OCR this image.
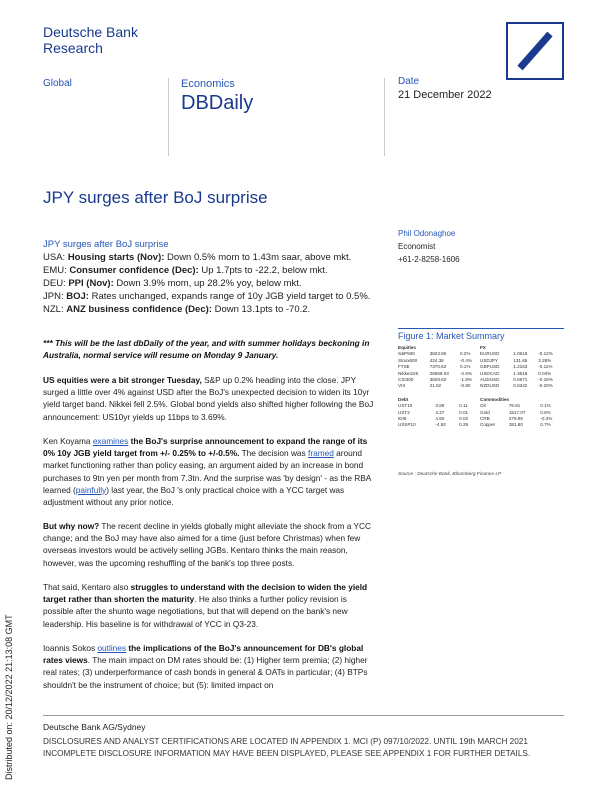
Deutsche Bank
Research
Global	Economics
DBDaily
Date
21 December 2022
JPY surges after BoJ surprise
JPY surges after BoJ surprise
USA: Housing starts (Nov): Down 0.5% mom to 1.43m saar, above mkt.
EMU: Consumer confidence (Dec): Up 1.7pts to -22.2, below mkt.
DEU: PPI (Nov): Down 3.9% mom, up 28.2% yoy, below mkt.
JPN: BOJ: Rates unchanged, expands range of 10y JGB yield target to 0.5%.
NZL: ANZ business confidence (Dec): Down 13.1pts to -70.2.
Phil Odonaghoe
Economist
+61-2-8258-1606
*** This will be the last dbDaily of the year, and with summer holidays beckoning in Australia, normal service will resume on Monday 9 January.
US equities were a bit stronger Tuesday, S&P up 0.2% heading into the close. JPY surged a little over 4% against USD after the BoJ's unexpected decision to widen its 10yr yield target band. Nikkei fell 2.5%. Global bond yields also shifted higher following the BoJ announcement: US10yr yields up 11bps to 3.69%.
Ken Koyama examines the BoJ's surprise announcement to expand the range of its 0% 10y JGB yield target from +/- 0.25% to +/-0.5%. The decision was framed around market functioning rather than policy easing, an argument aided by an increase in bond purchases to 9tn yen per month from 7.3tn. And the surprise was 'by design' - as the RBA learned (painfully) last year, the BoJ 's only practical choice with a YCC target was adjustment without any prior notice.
But why now? The recent decline in yields globally might alleviate the shock from a YCC change; and the BoJ may have also aimed for a time (just before Christmas) when few overseas investors would be actively selling JGBs. Kentaro thinks the main reason, however, was the upcoming reshuffling of the bank's top three posts.
That said, Kentaro also struggles to understand with the decision to widen the yield target rather than shorten the maturity. He also thinks a further policy revision is possible after the shunto wage negotiations, but that will depend on the bank's new leadership. His baseline is for withdrawal of YCC in Q3-23.
Ioannis Sokos outlines the implications of the BoJ's announcement for DB's global rates views. The main impact on DM rates should be: (1) Higher term premia; (2) higher real rates; (3) underperformance of cash bonds in general & OATs in particular; (4) BTPs shouldn't be the instrument of choice; but (5): limited impact on
Figure 1: Market Summary
Equities		
S&P500	3823.85	0.2%
Stoxx600	424.38	-0.4%
FTSE	7370.62	0.1%
Nikkei225	26568.03	-2.5%
CSI300	3829.82	-1.8%
VIX	21.62	-0.80
FX		
EURUSD	1.0616	-0.12%
USDJPY	131.65	3.28%
GBPUSD	1.2163	-0.11%
USDCAD	1.3618	0.04%
AUDUSD	0.6671	-0.16%
NZDUSD	0.6342	-0.20%
Debt		
UST10	3.69	0.11
UST2	4.27	0.01
IDI5	4.60	0.02
USSP10	-4.92	0.29
Commodities		
Oil	76.81	0.1%
Gold	1817.07	0.6%
CRB	279.96	-0.3%
Copper	381.80	0.7%
Source : Deutsche Bank, Bloomberg Finance LP
Distributed on: 20/12/2022 21:13:08 GMT	Deutsche Bank AG/Sydney
DISCLOSURES AND ANALYST CERTIFICATIONS ARE LOCATED IN APPENDIX 1. MCI (P) 097/10/2022. UNTIL 19th MARCH 2021 INCOMPLETE DISCLOSURE INFORMATION MAY HAVE BEEN DISPLAYED, PLEASE SEE APPENDIX 1 FOR FURTHER DETAILS.
